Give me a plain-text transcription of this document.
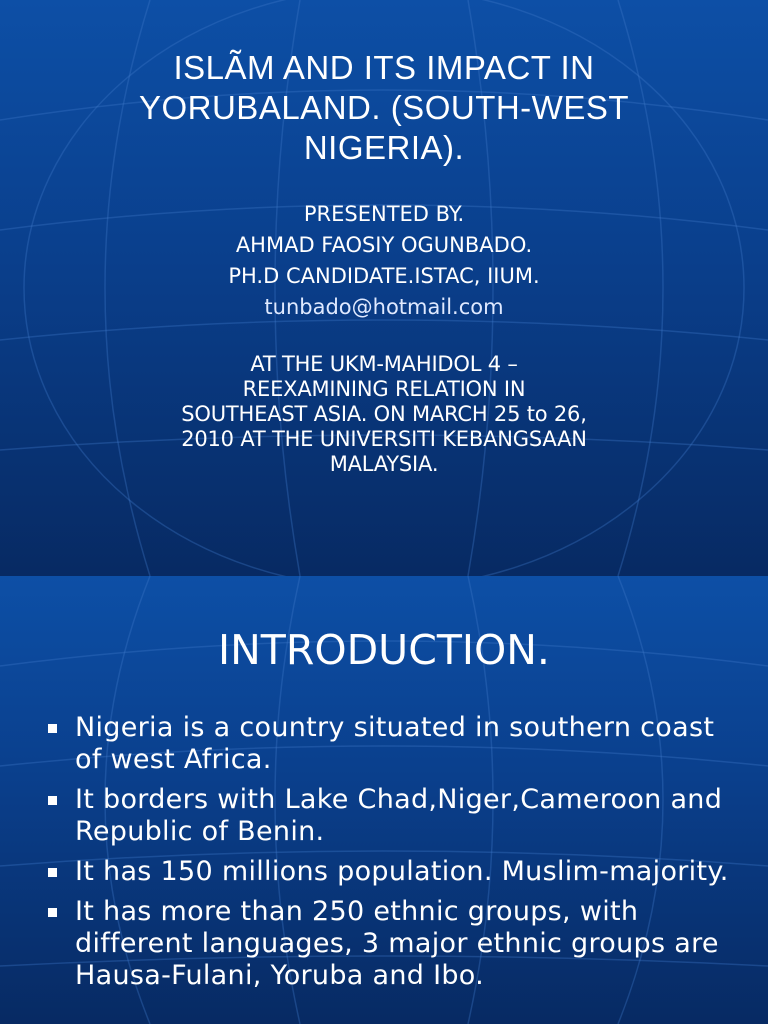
ISLÃM AND ITS IMPACT IN YORUBALAND. (SOUTH-WEST NIGERIA).
PRESENTED BY.
AHMAD FAOSIY OGUNBADO.
PH.D CANDIDATE.ISTAC, IIUM.
tunbado@hotmail.com
AT THE UKM-MAHIDOL 4 –
REEXAMINING RELATION IN
SOUTHEAST ASIA. ON MARCH 25 to 26,
2010 AT THE UNIVERSITI KEBANGSAAN
MALAYSIA.
INTRODUCTION.
Nigeria is a country situated in southern coast of west Africa.
It borders with Lake Chad,Niger,Cameroon and Republic of Benin.
It has 150 millions population. Muslim-majority.
It has more than 250 ethnic groups, with different languages, 3 major ethnic groups are Hausa-Fulani, Yoruba and Ibo.
